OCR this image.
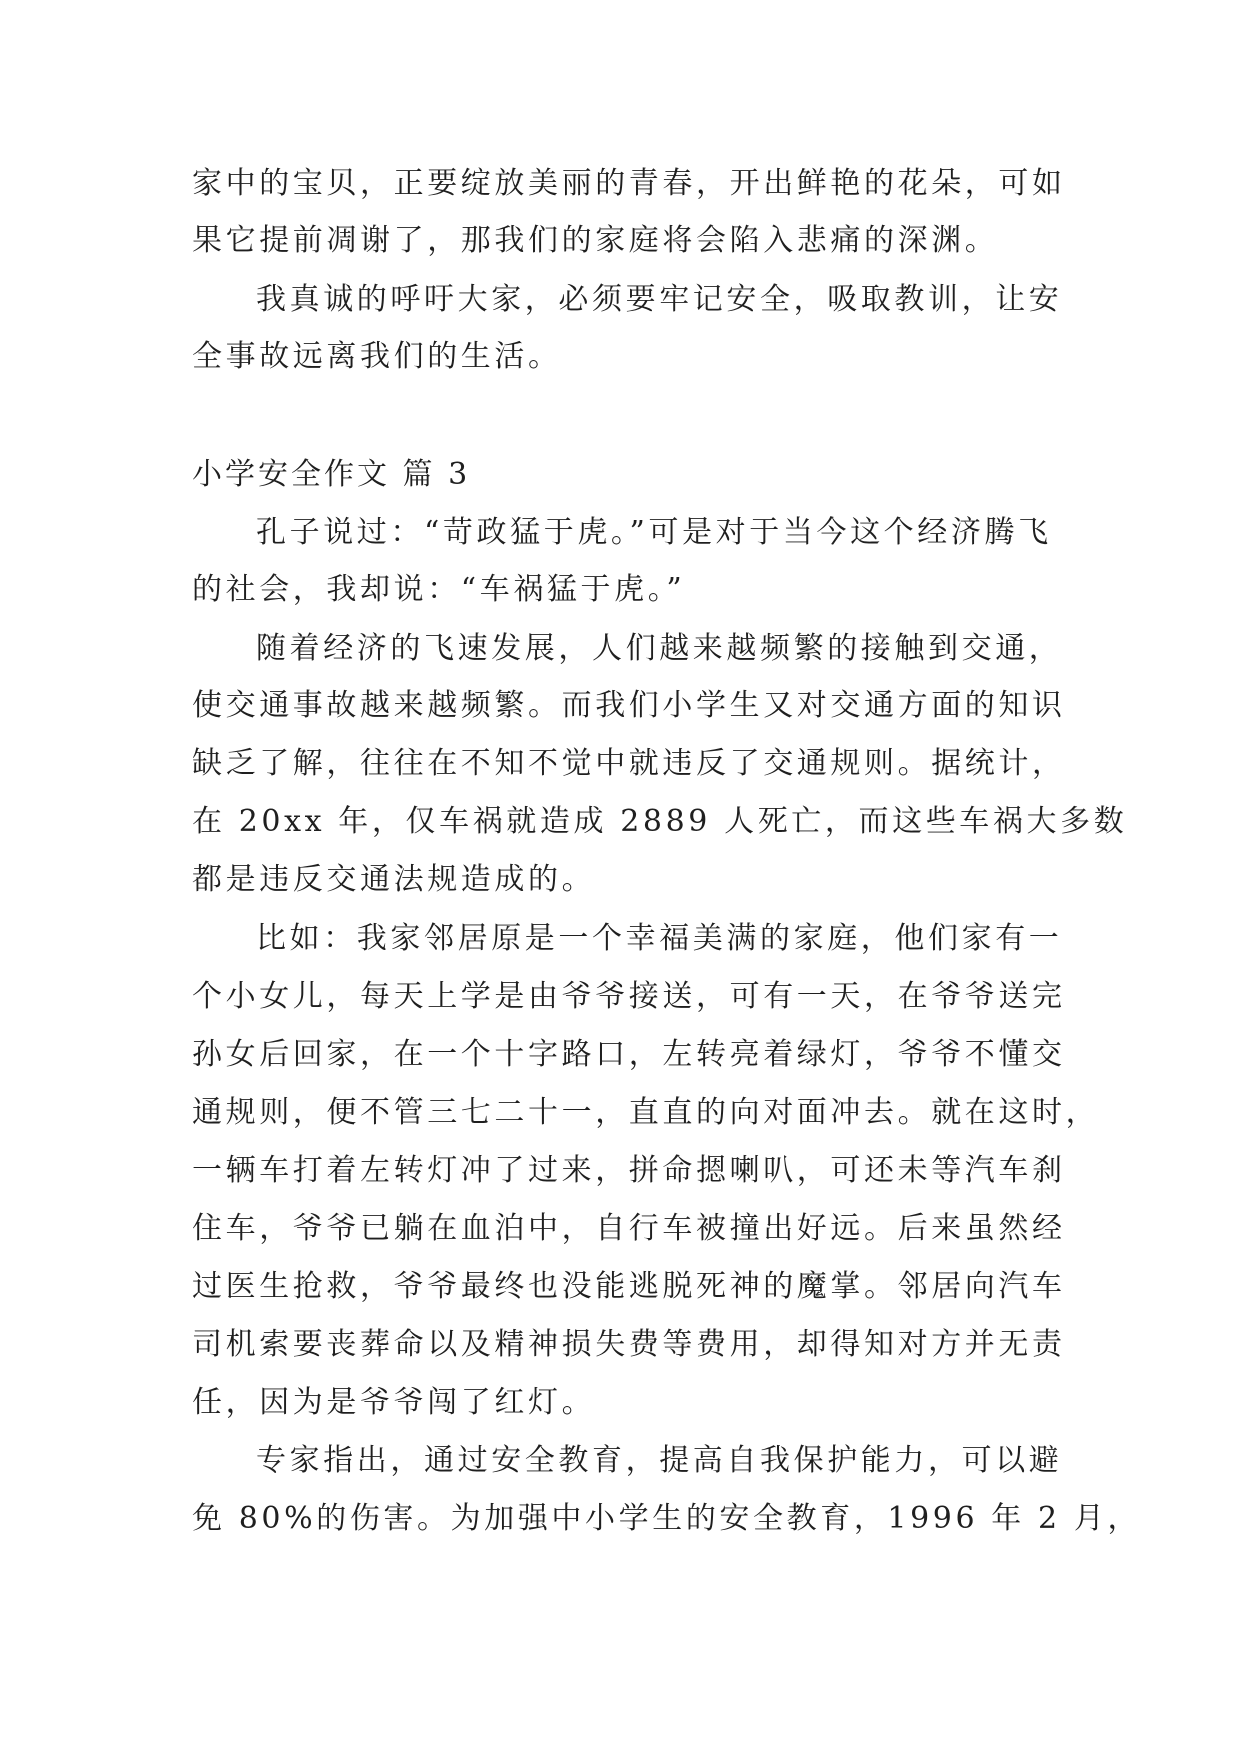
家中的宝贝，正要绽放美丽的青春，开出鲜艳的花朵，可如
果它提前凋谢了，那我们的家庭将会陷入悲痛的深渊。
我真诚的呼吁大家，必须要牢记安全，吸取教训，让安
全事故远离我们的生活。
小学安全作文 篇 3
孔子说过：“苛政猛于虎。”可是对于当今这个经济腾飞
的社会，我却说：“车祸猛于虎。”
随着经济的飞速发展，人们越来越频繁的接触到交通，
使交通事故越来越频繁。而我们小学生又对交通方面的知识
缺乏了解，往往在不知不觉中就违反了交通规则。据统计，
在 20xx 年，仅车祸就造成 2889 人死亡，而这些车祸大多数
都是违反交通法规造成的。
比如：我家邻居原是一个幸福美满的家庭，他们家有一
个小女儿，每天上学是由爷爷接送，可有一天，在爷爷送完
孙女后回家，在一个十字路口，左转亮着绿灯，爷爷不懂交
通规则，便不管三七二十一，直直的向对面冲去。就在这时，
一辆车打着左转灯冲了过来，拼命摁喇叭，可还未等汽车刹
住车，爷爷已躺在血泊中，自行车被撞出好远。后来虽然经
过医生抢救，爷爷最终也没能逃脱死神的魔掌。邻居向汽车
司机索要丧葬命以及精神损失费等费用，却得知对方并无责
任，因为是爷爷闯了红灯。
专家指出，通过安全教育，提高自我保护能力，可以避
免 80%的伤害。为加强中小学生的安全教育，1996 年 2 月，
